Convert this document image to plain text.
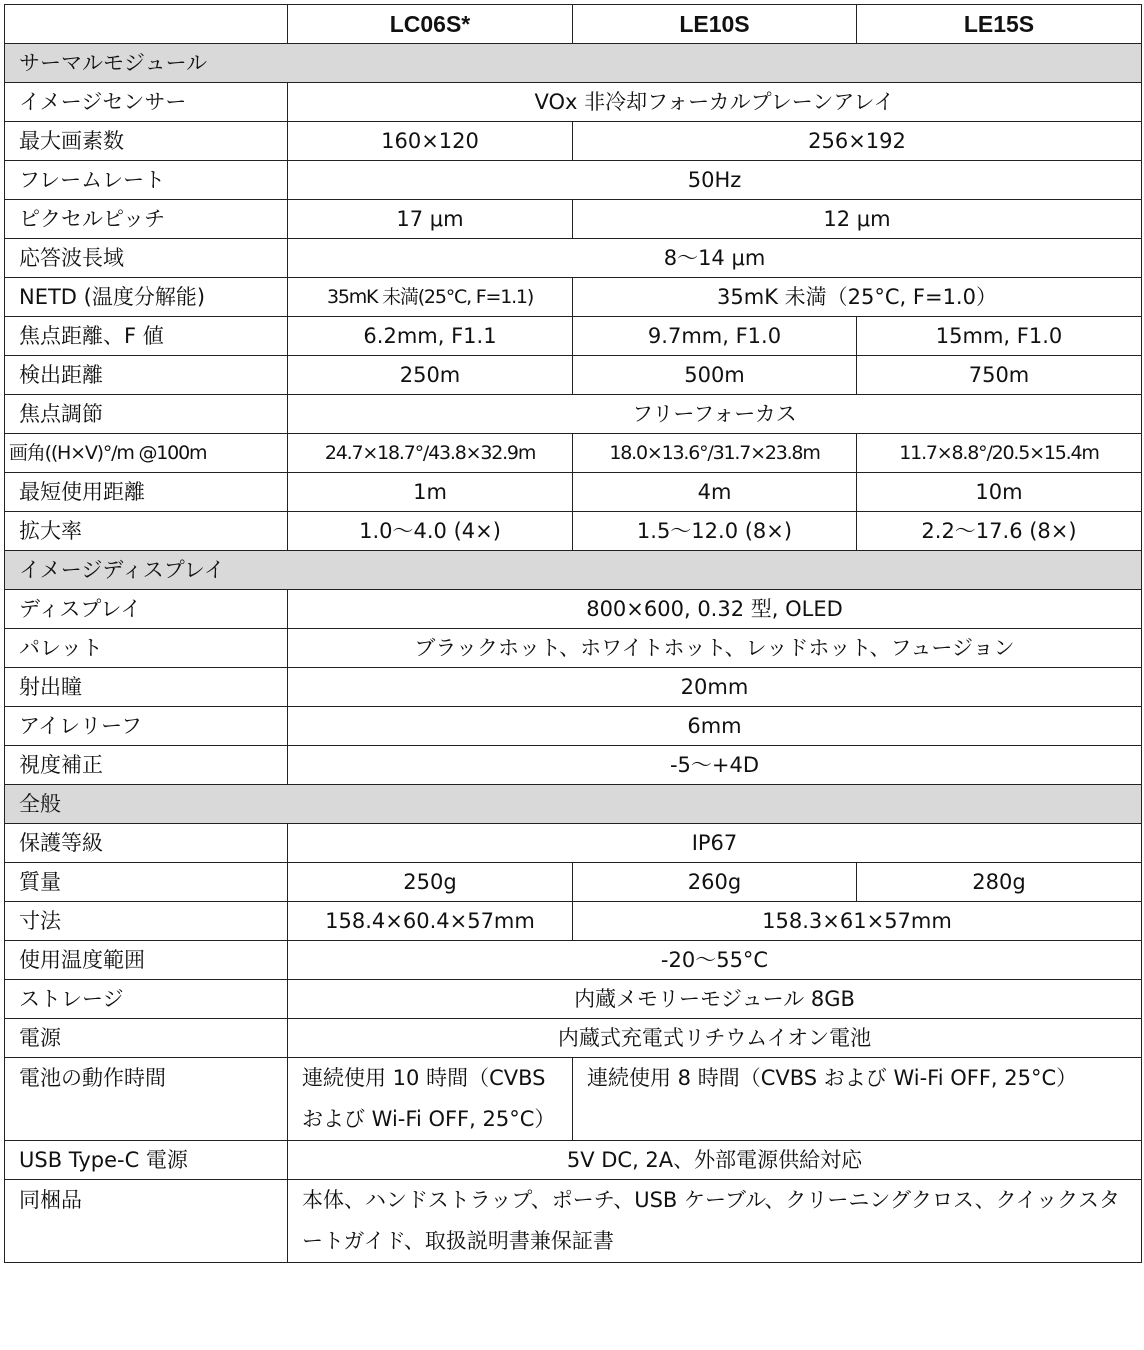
	LC06S*	LE10S	LE15S
サーマルモジュール			
イメージセンサー	VOx 非冷却フォーカルプレーンアレイ		
最大画素数	160×120	256×192	
フレームレート	50Hz		
ピクセルピッチ	17 μm	12 μm	
応答波長域	8〜14 μm		
NETD (温度分解能)	35mK 未満(25°C, F=1.1)	35mK 未満（25°C, F=1.0）	
焦点距離、F 値	6.2mm, F1.1	9.7mm, F1.0	15mm, F1.0
検出距離	250m	500m	750m
焦点調節	フリーフォーカス		
画角((H×V)°/m @100m	24.7×18.7°/43.8×32.9m	18.0×13.6°/31.7×23.8m	11.7×8.8°/20.5×15.4m
最短使用距離	1m	4m	10m
拡大率	1.0〜4.0 (4×)	1.5〜12.0 (8×)	2.2〜17.6 (8×)
イメージディスプレイ			
ディスプレイ	800×600, 0.32 型, OLED		
パレット	ブラックホット、ホワイトホット、レッドホット、フュージョン		
射出瞳	20mm		
アイレリーフ	6mm		
視度補正	-5〜+4D		
全般			
保護等級	IP67		
質量	250g	260g	280g
寸法	158.4×60.4×57mm	158.3×61×57mm	
使用温度範囲	-20〜55°C		
ストレージ	内蔵メモリーモジュール 8GB		
電源	内蔵式充電式リチウムイオン電池		
電池の動作時間	連続使用 10 時間（CVBS および Wi-Fi OFF, 25°C）	連続使用 8 時間（CVBS および Wi-Fi OFF, 25°C）	
USB Type-C 電源	5V DC, 2A、外部電源供給対応		
同梱品	本体、ハンドストラップ、ポーチ、USB ケーブル、クリーニングクロス、クイックスタートガイド、取扱説明書兼保証書		
